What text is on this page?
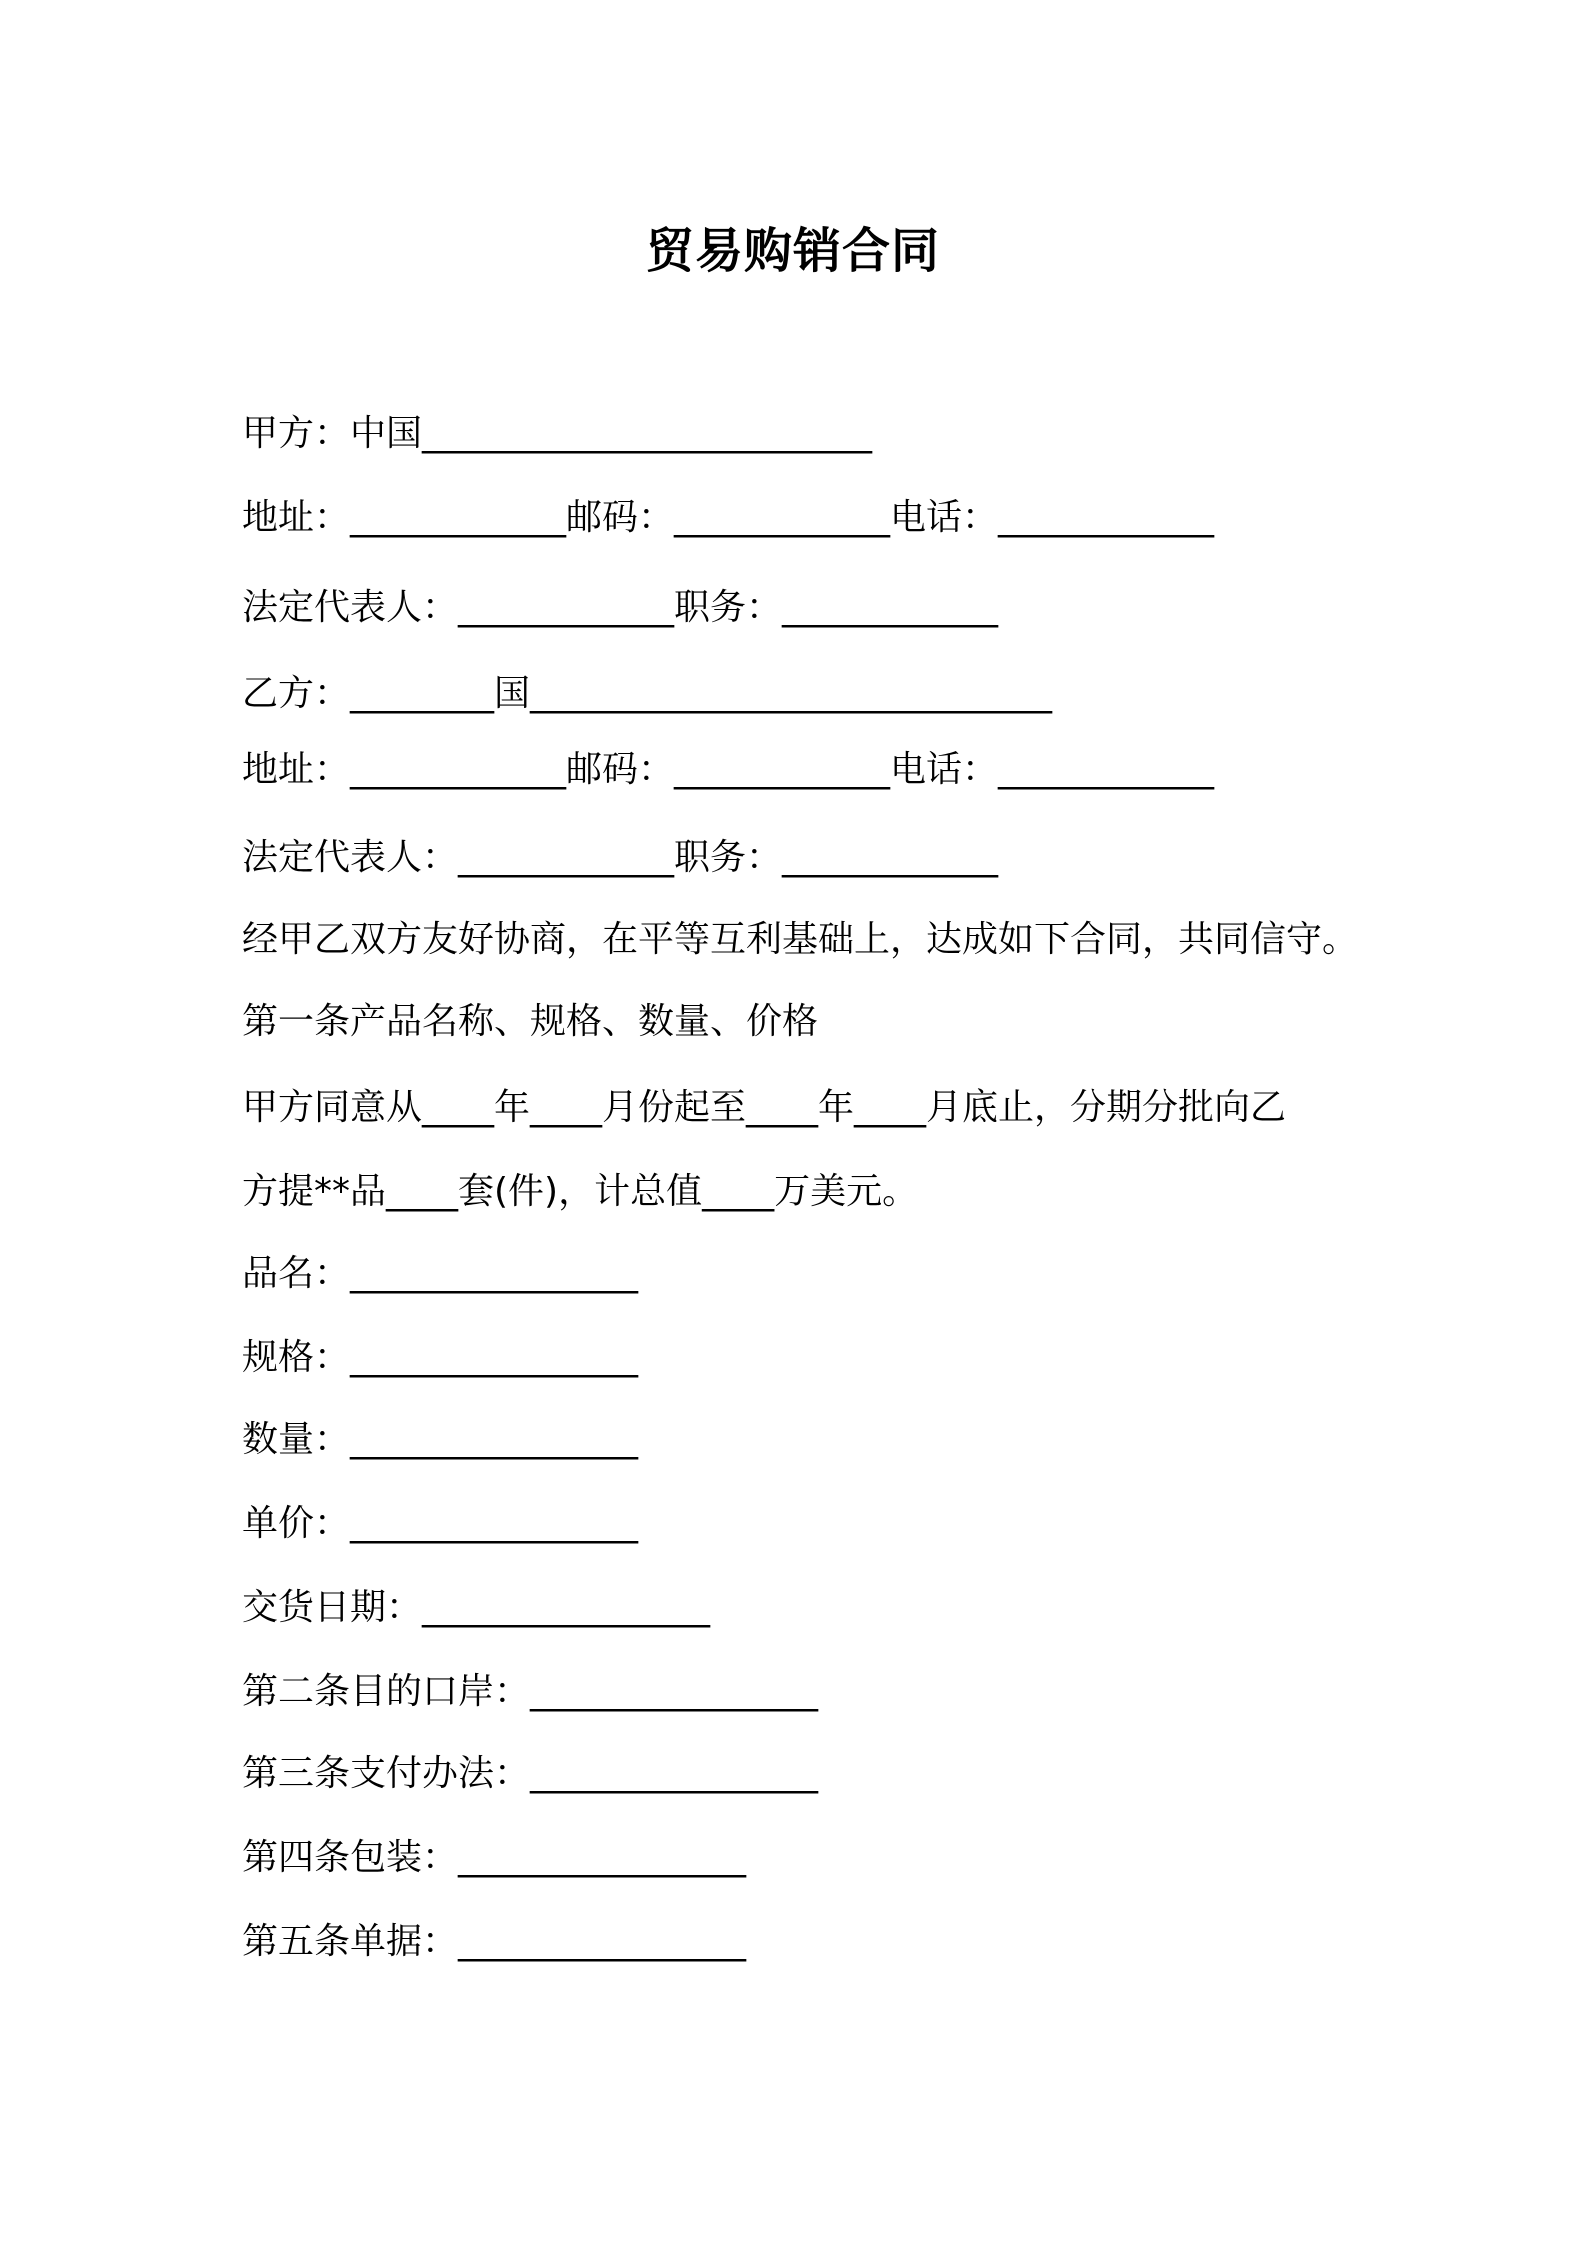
贸易购销合同
甲方：中国_________________________
地址：____________邮码：____________电话：____________
法定代表人：____________职务：____________
乙方：________国_____________________________
地址：____________邮码：____________电话：____________
法定代表人：____________职务：____________
经甲乙双方友好协商，在平等互利基础上，达成如下合同，共同信守。
第一条产品名称、规格、数量、价格
甲方同意从____年____月份起至____年____月底止，分期分批向乙
方提**品____套(件)，计总值____万美元。
品名：________________
规格：________________
数量：________________
单价：________________
交货日期：________________
第二条目的口岸：________________
第三条支付办法：________________
第四条包装：________________
第五条单据：________________
